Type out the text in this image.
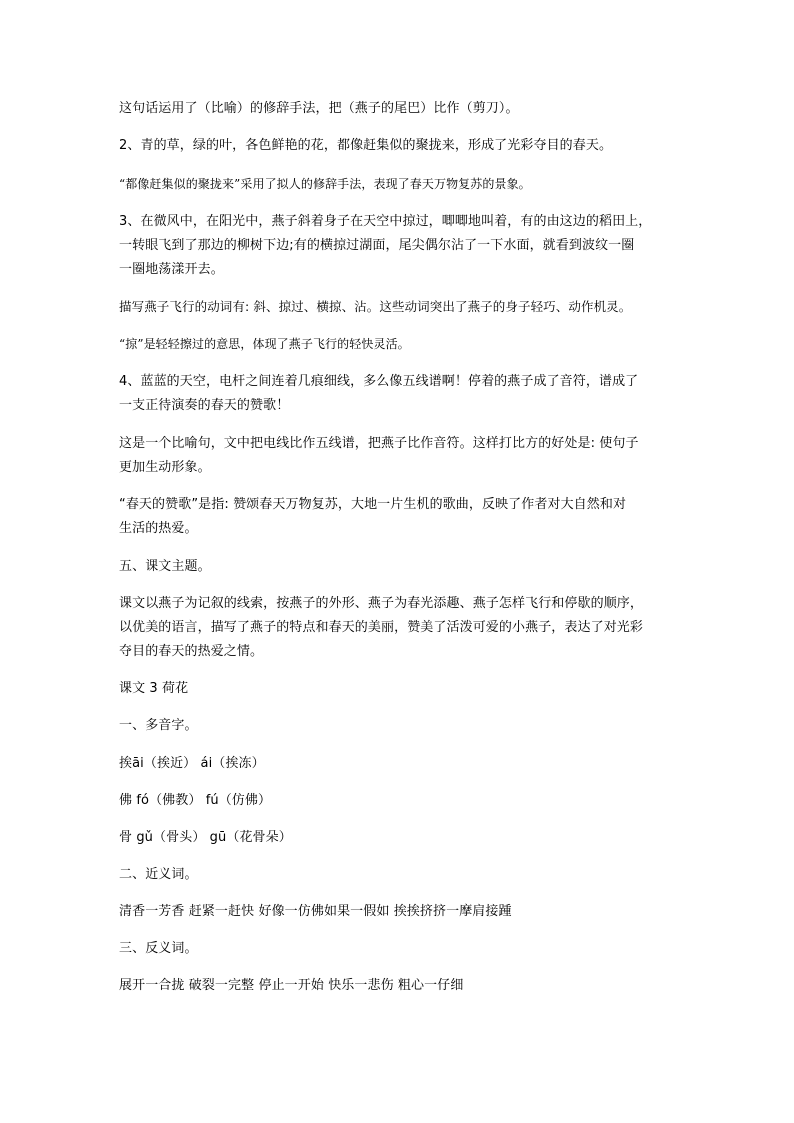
这句话运用了（比喻）的修辞手法，把（燕子的尾巴）比作（剪刀）。
2、青的草，绿的叶，各色鲜艳的花，都像赶集似的聚拢来，形成了光彩夺目的春天。
“都像赶集似的聚拢来”采用了拟人的修辞手法，表现了春天万物复苏的景象。
3、在微风中，在阳光中，燕子斜着身子在天空中掠过，唧唧地叫着，有的由这边的稻田上，
一转眼飞到了那边的柳树下边;有的横掠过湖面，尾尖偶尔沾了一下水面，就看到波纹一圈
一圈地荡漾开去。
描写燕子飞行的动词有: 斜、掠过、横掠、沾。这些动词突出了燕子的身子轻巧、动作机灵。
“掠”是轻轻擦过的意思，体现了燕子飞行的轻快灵活。
4、蓝蓝的天空，电杆之间连着几痕细线，多么像五线谱啊！停着的燕子成了音符，谱成了
一支正待演奏的春天的赞歌！
这是一个比喻句，文中把电线比作五线谱，把燕子比作音符。这样打比方的好处是: 使句子
更加生动形象。
“春天的赞歌”是指: 赞颂春天万物复苏，大地一片生机的歌曲，反映了作者对大自然和对
生活的热爱。
五、课文主题。
课文以燕子为记叙的线索，按燕子的外形、燕子为春光添趣、燕子怎样飞行和停歇的顺序，
以优美的语言，描写了燕子的特点和春天的美丽，赞美了活泼可爱的小燕子，表达了对光彩
夺目的春天的热爱之情。
课文 3 荷花
一、多音字。
挨āi（挨近） ái（挨冻）
佛 fó（佛教） fú（仿佛）
骨 gǔ（骨头） gū（花骨朵）
二、近义词。
清香一芳香 赶紧一赶快 好像一仿佛如果一假如 挨挨挤挤一摩肩接踵
三、反义词。
展开一合拢 破裂一完整 停止一开始 快乐一悲伤 粗心一仔细
